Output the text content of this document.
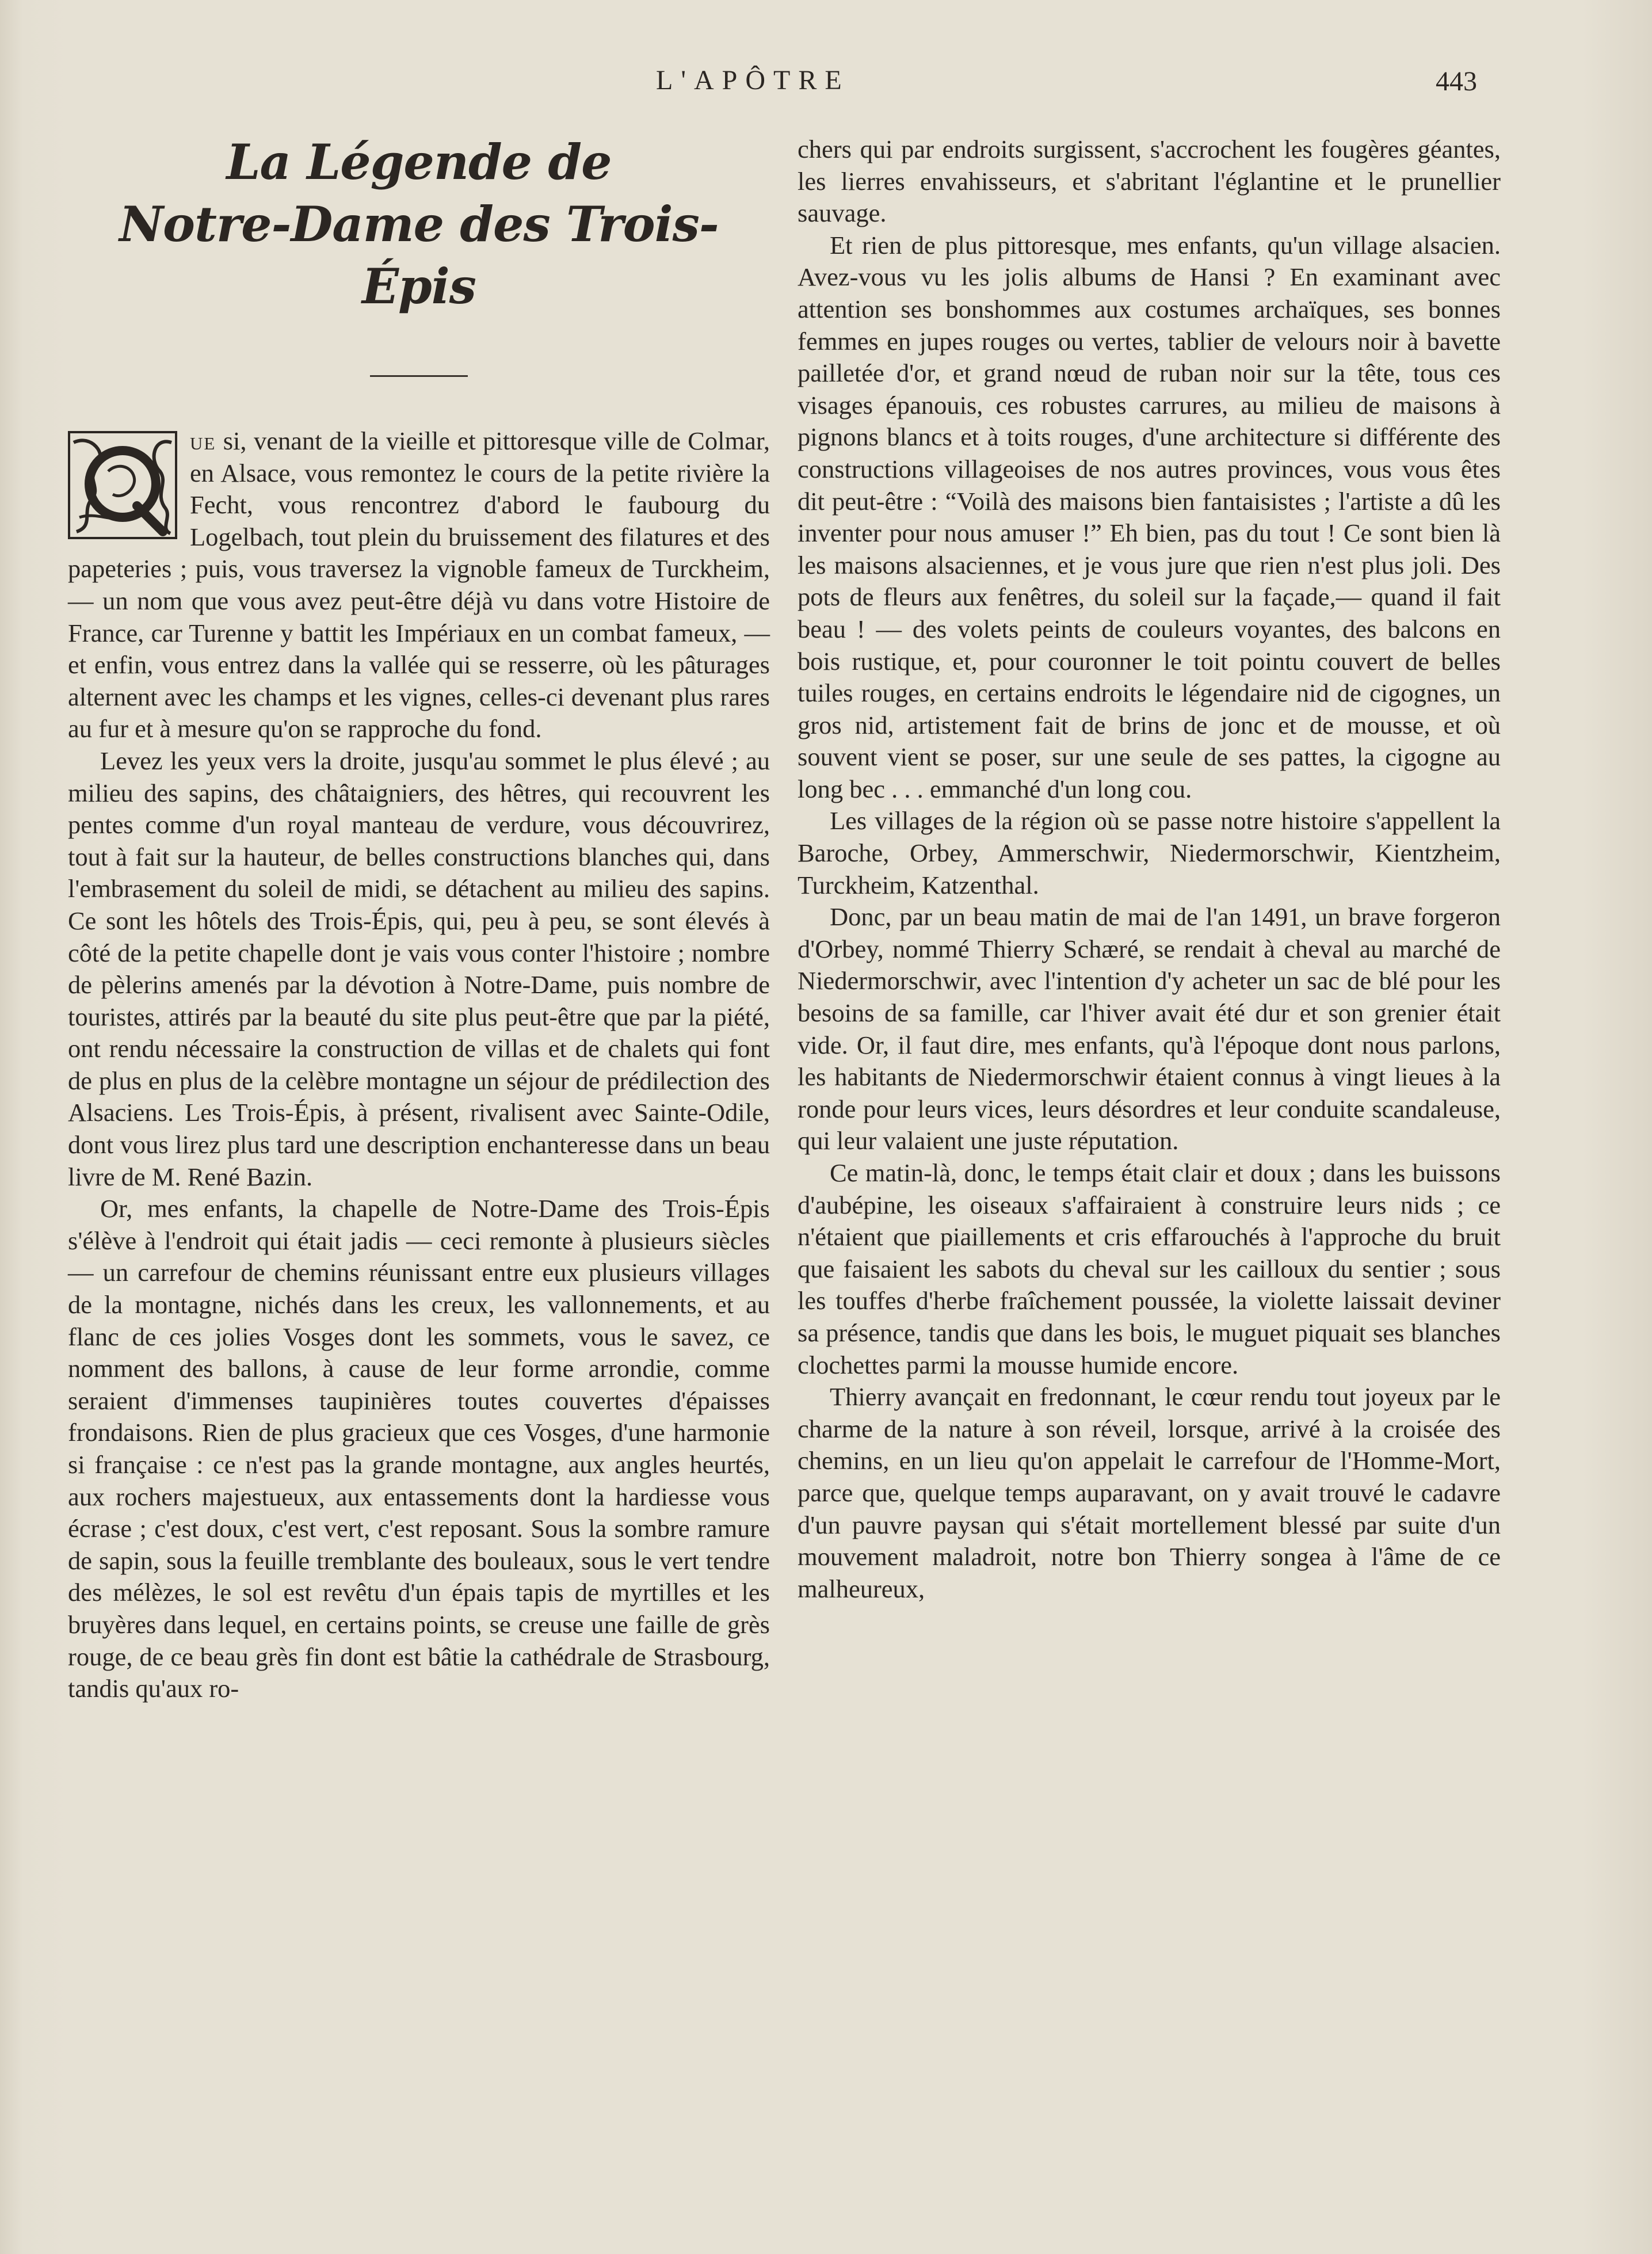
L'APÔTRE	443
La Légende de
Notre-Dame des Trois-Épis

Q	ue si, venant de la vieille et pittoresque ville de Colmar, en Alsace, vous remontez le cours de la petite rivière la Fecht, vous rencontrez d'abord le faubourg du Logelbach, tout plein du bruissement des filatures et des papeteries ; puis, vous traversez la vignoble fameux de Turckheim, — un nom que vous avez peut-être déjà vu dans votre Histoire de France, car Turenne y battit les Impériaux en un combat fameux, — et enfin, vous entrez dans la vallée qui se resserre, où les pâturages alternent avec les champs et les vignes, celles-ci devenant plus rares au fur et à mesure qu'on se rapproche du fond.

Levez les yeux vers la droite, jusqu'au sommet le plus élevé ; au milieu des sapins, des châtaigniers, des hêtres, qui recouvrent les pentes comme d'un royal manteau de verdure, vous découvrirez, tout à fait sur la hauteur, de belles constructions blanches qui, dans l'embrasement du soleil de midi, se détachent au milieu des sapins. Ce sont les hôtels des Trois-Épis, qui, peu à peu, se sont élevés à côté de la petite chapelle dont je vais vous conter l'histoire ; nombre de pèlerins amenés par la dévotion à Notre-Dame, puis nombre de touristes, attirés par la beauté du site plus peut-être que par la piété, ont rendu nécessaire la construction de villas et de chalets qui font de plus en plus de la celèbre montagne un séjour de prédilection des Alsaciens. Les Trois-Épis, à présent, rivalisent avec Sainte-Odile, dont vous lirez plus tard une description enchanteresse dans un beau livre de M. René Bazin.

Or, mes enfants, la chapelle de Notre-Dame des Trois-Épis s'élève à l'endroit qui était jadis — ceci remonte à plusieurs siècles — un carrefour de chemins réunissant entre eux plusieurs villages de la montagne, nichés dans les creux, les vallonnements, et au flanc de ces jolies Vosges dont les sommets, vous le savez, ce nomment des ballons, à cause de leur forme arrondie, comme seraient d'immenses taupinières toutes couvertes d'épaisses frondaisons. Rien de plus gracieux que ces Vosges, d'une harmonie si française : ce n'est pas la grande montagne, aux angles heurtés, aux rochers majestueux, aux entassements dont la hardiesse vous écrase ; c'est doux, c'est vert, c'est reposant. Sous la sombre ramure de sapin, sous la feuille tremblante des bouleaux, sous le vert tendre des mélèzes, le sol est revêtu d'un épais tapis de myrtilles et les bruyères dans lequel, en certains points, se creuse une faille de grès rouge, de ce beau grès fin dont est bâtie la cathédrale de Strasbourg, tandis qu'aux ro-

chers qui par endroits surgissent, s'accrochent les fougères géantes, les lierres envahisseurs, et s'abritant l'églantine et le prunellier sauvage.

Et rien de plus pittoresque, mes enfants, qu'un village alsacien. Avez-vous vu les jolis albums de Hansi ? En examinant avec attention ses bonshommes aux costumes archaïques, ses bonnes femmes en jupes rouges ou vertes, tablier de velours noir à bavette pailletée d'or, et grand nœud de ruban noir sur la tête, tous ces visages épanouis, ces robustes carrures, au milieu de maisons à pignons blancs et à toits rouges, d'une architecture si différente des constructions villageoises de nos autres provinces, vous vous êtes dit peut-être : “Voilà des maisons bien fantaisistes ; l'artiste a dû les inventer pour nous amuser !” Eh bien, pas du tout ! Ce sont bien là les maisons alsaciennes, et je vous jure que rien n'est plus joli. Des pots de fleurs aux fenêtres, du soleil sur la façade,— quand il fait beau ! — des volets peints de couleurs voyantes, des balcons en bois rustique, et, pour couronner le toit pointu couvert de belles tuiles rouges, en certains endroits le légendaire nid de cigognes, un gros nid, artistement fait de brins de jonc et de mousse, et où souvent vient se poser, sur une seule de ses pattes, la cigogne au long bec . . . emmanché d'un long cou.

Les villages de la région où se passe notre histoire s'appellent la Baroche, Orbey, Ammerschwir, Niedermorschwir, Kientzheim, Turckheim, Katzenthal.

Donc, par un beau matin de mai de l'an 1491, un brave forgeron d'Orbey, nommé Thierry Schæré, se rendait à cheval au marché de Niedermorschwir, avec l'intention d'y acheter un sac de blé pour les besoins de sa famille, car l'hiver avait été dur et son grenier était vide. Or, il faut dire, mes enfants, qu'à l'époque dont nous parlons, les habitants de Niedermorschwir étaient connus à vingt lieues à la ronde pour leurs vices, leurs désordres et leur conduite scandaleuse, qui leur valaient une juste réputation.

Ce matin-là, donc, le temps était clair et doux ; dans les buissons d'aubépine, les oiseaux s'affairaient à construire leurs nids ; ce n'étaient que piaillements et cris effarouchés à l'approche du bruit que faisaient les sabots du cheval sur les cailloux du sentier ; sous les touffes d'herbe fraîchement poussée, la violette laissait deviner sa présence, tandis que dans les bois, le muguet piquait ses blanches clochettes parmi la mousse humide encore.

Thierry avançait en fredonnant, le cœur rendu tout joyeux par le charme de la nature à son réveil, lorsque, arrivé à la croisée des chemins, en un lieu qu'on appelait le carrefour de l'Homme-Mort, parce que, quelque temps auparavant, on y avait trouvé le cadavre d'un pauvre paysan qui s'était mortellement blessé par suite d'un mouvement maladroit, notre bon Thierry songea à l'âme de ce malheureux,
